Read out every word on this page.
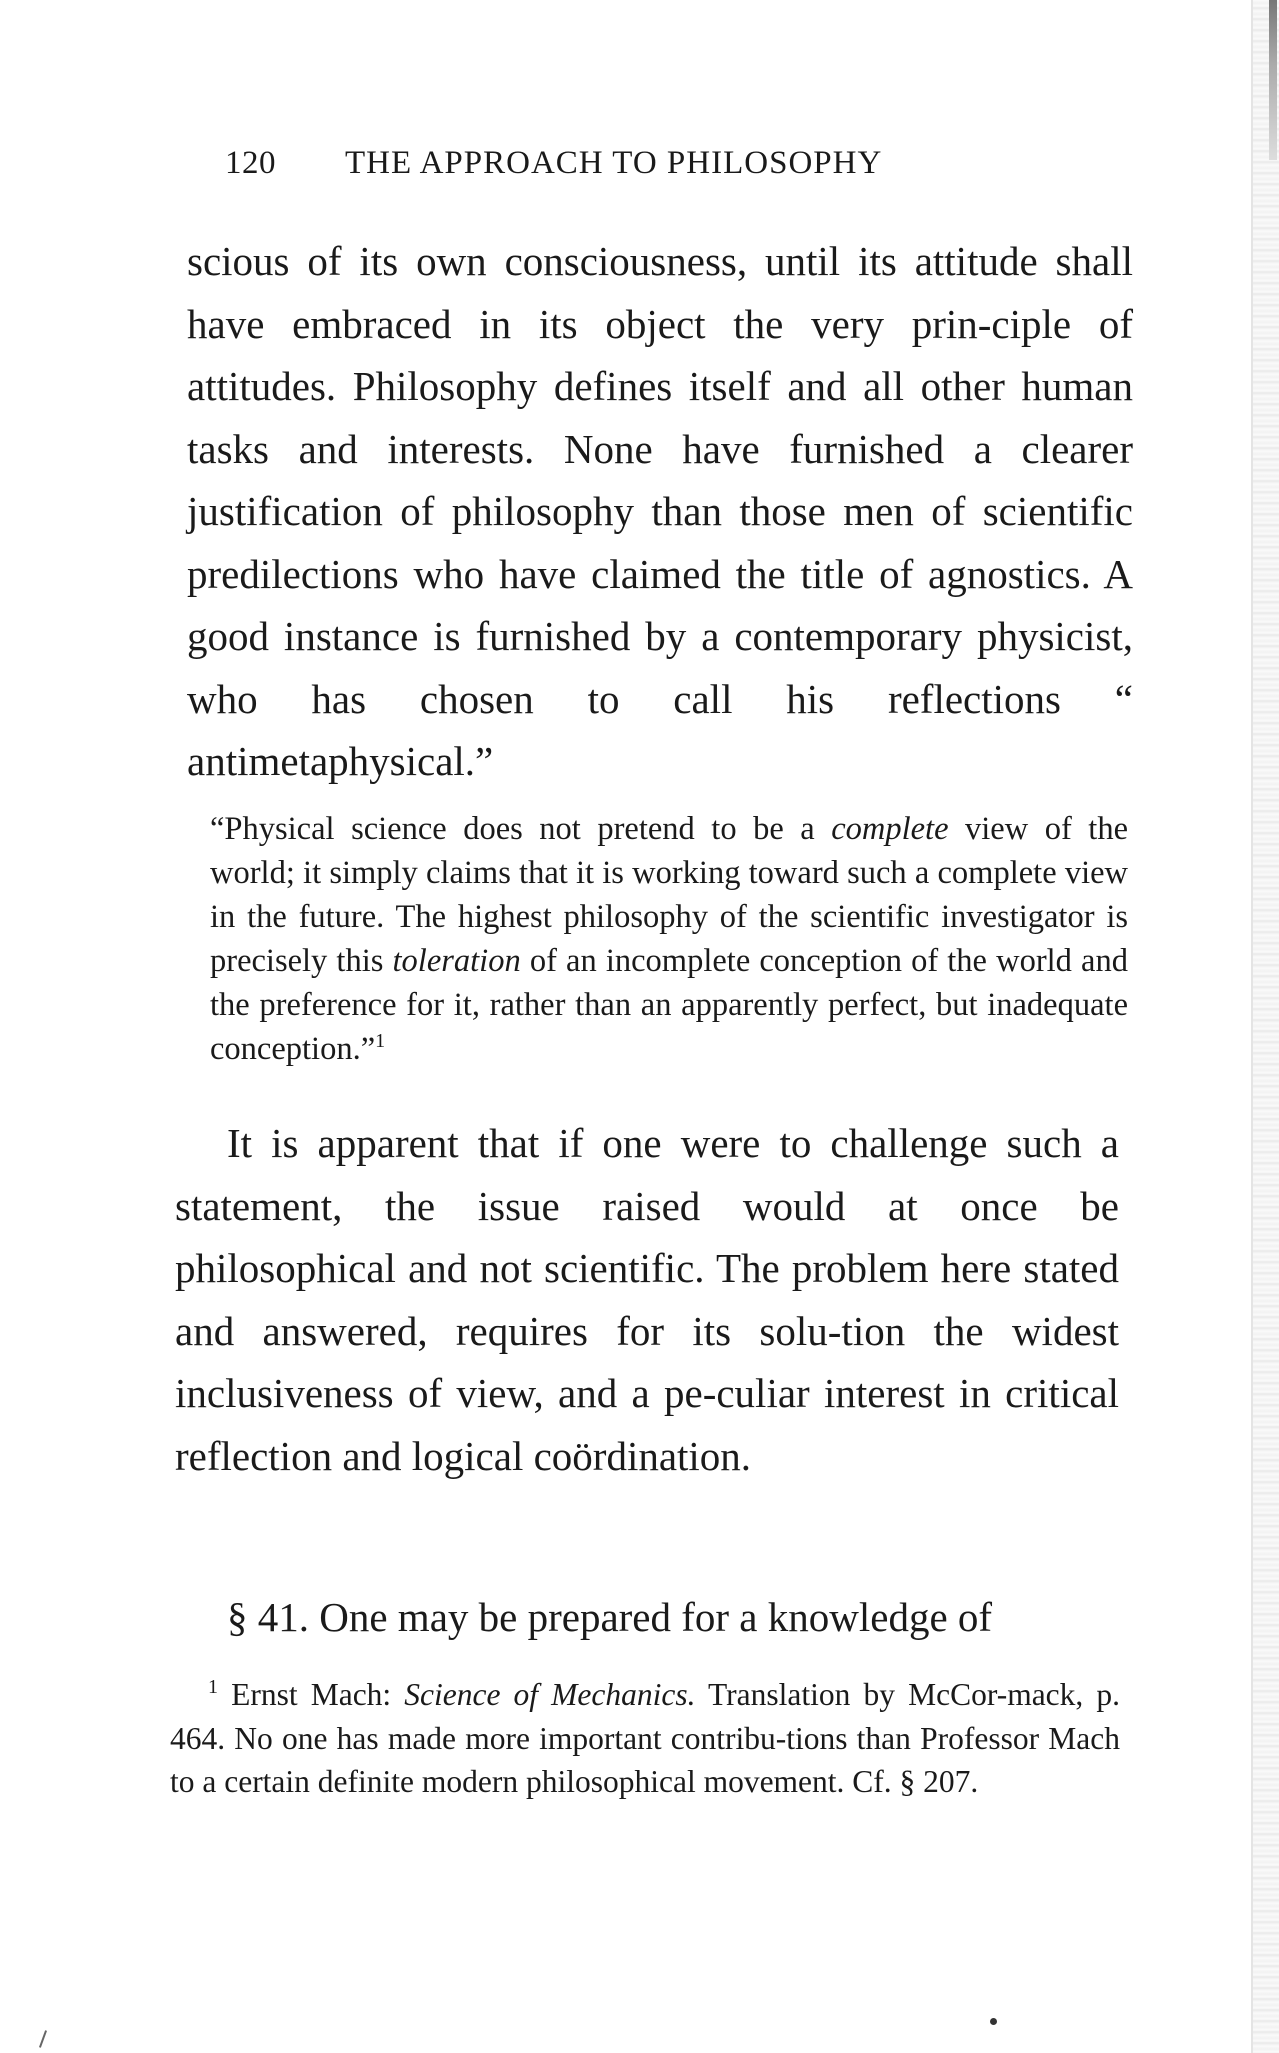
120 THE APPROACH TO PHILOSOPHY

scious of its own consciousness, until its attitude shall have embraced in its object the very prin-ciple of attitudes. Philosophy defines itself and all other human tasks and interests. None have furnished a clearer justification of philosophy than those men of scientific predilections who have claimed the title of agnostics. A good instance is furnished by a contemporary physicist, who has chosen to call his reflections “ antimetaphysical.”

“Physical science does not pretend to be a complete view of the world; it simply claims that it is working toward such a complete view in the future. The highest philosophy of the scientific investigator is precisely this toleration of an incomplete conception of the world and the preference for it, rather than an apparently perfect, but inadequate conception.”$^1$

It is apparent that if one were to challenge such a statement, the issue raised would at once be philosophical and not scientific. The problem here stated and answered, requires for its solu-tion the widest inclusiveness of view, and a pe-culiar interest in critical reflection and logical coördination.

§ 41. One may be prepared for a knowledge of

$^1$ Ernst Mach: Science of Mechanics. Translation by McCor-mack, p. 464. No one has made more important contribu-tions than Professor Mach to a certain definite modern philosophical movement. Cf. § 207.
